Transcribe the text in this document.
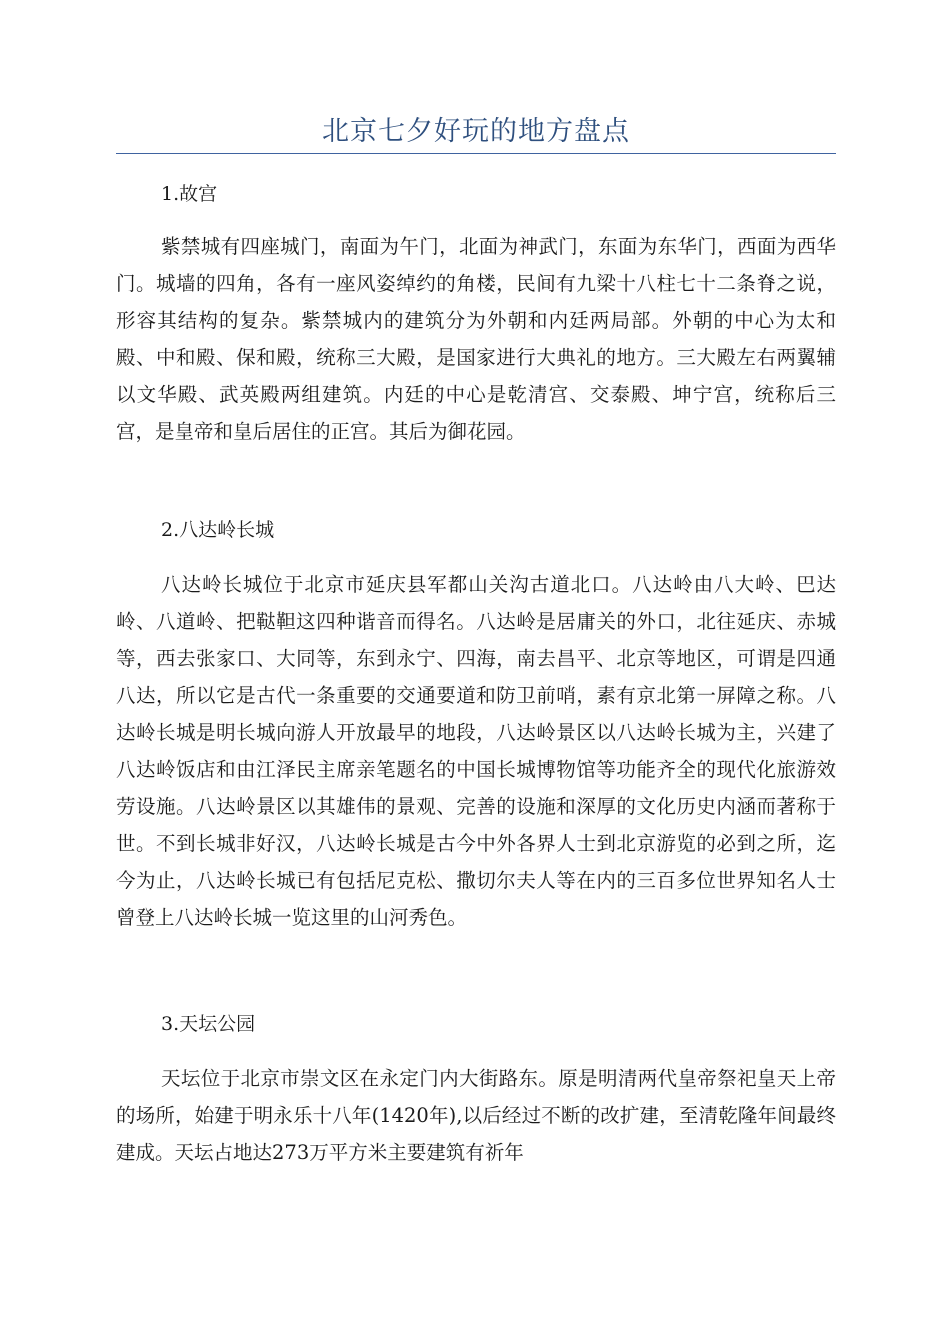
北京七夕好玩的地方盘点
1.故宫
紫禁城有四座城门，南面为午门，北面为神武门，东面为东华门，西面为西华门。城墙的四角，各有一座风姿绰约的角楼，民间有九梁十八柱七十二条脊之说，形容其结构的复杂。紫禁城内的建筑分为外朝和内廷两局部。外朝的中心为太和殿、中和殿、保和殿，统称三大殿，是国家进行大典礼的地方。三大殿左右两翼辅以文华殿、武英殿两组建筑。内廷的中心是乾清宫、交泰殿、坤宁宫，统称后三宫，是皇帝和皇后居住的正宫。其后为御花园。
2.八达岭长城
八达岭长城位于北京市延庆县军都山关沟古道北口。八达岭由八大岭、巴达岭、八道岭、把鞑靼这四种谐音而得名。八达岭是居庸关的外口，北往延庆、赤城等，西去张家口、大同等，东到永宁、四海，南去昌平、北京等地区，可谓是四通八达，所以它是古代一条重要的交通要道和防卫前哨，素有京北第一屏障之称。八达岭长城是明长城向游人开放最早的地段，八达岭景区以八达岭长城为主，兴建了八达岭饭店和由江泽民主席亲笔题名的中国长城博物馆等功能齐全的现代化旅游效劳设施。八达岭景区以其雄伟的景观、完善的设施和深厚的文化历史内涵而著称于世。不到长城非好汉，八达岭长城是古今中外各界人士到北京游览的必到之所，迄今为止，八达岭长城已有包括尼克松、撒切尔夫人等在内的三百多位世界知名人士曾登上八达岭长城一览这里的山河秀色。
3.天坛公园
天坛位于北京市崇文区在永定门内大街路东。原是明清两代皇帝祭祀皇天上帝的场所，始建于明永乐十八年(1420年),以后经过不断的改扩建，至清乾隆年间最终建成。天坛占地达273万平方米主要建筑有祈年
